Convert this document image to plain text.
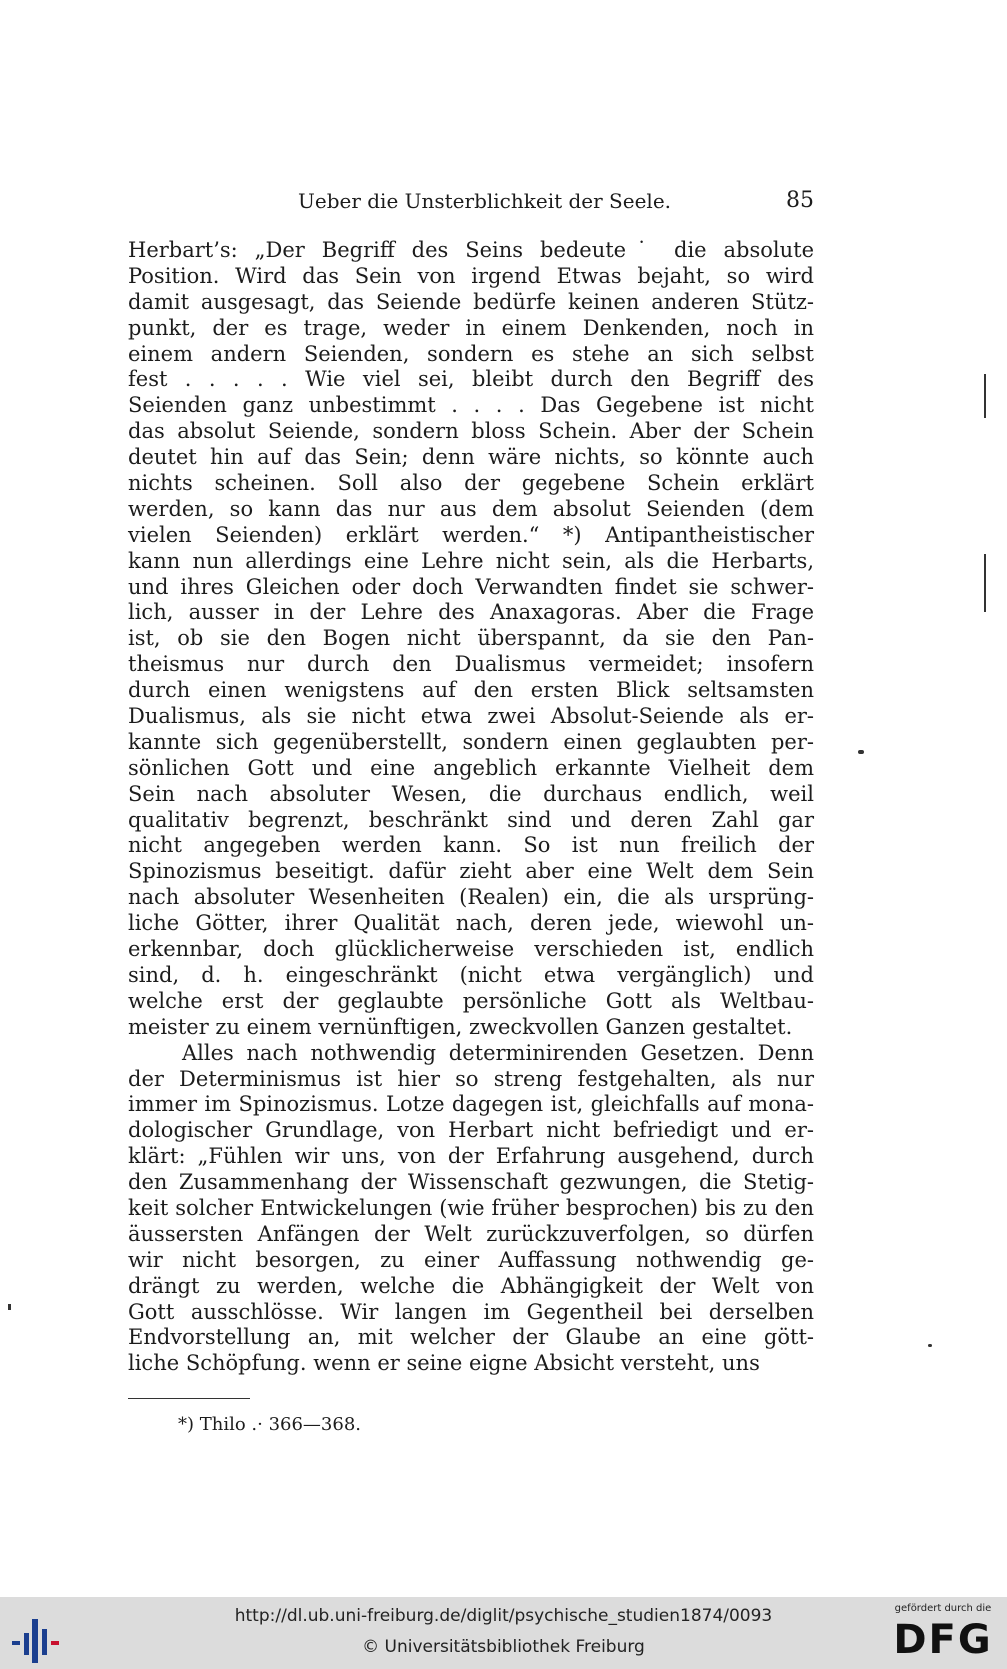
Ueber die Unsterblichkeit der Seele.	85
Herbart’s: „Der Begriff des Seins bedeute˙ die absolute
Position. Wird das Sein von irgend Etwas bejaht, so wird
damit ausgesagt, das Seiende bedürfe keinen anderen Stütz-
punkt, der es trage, weder in einem Denkenden, noch in
einem andern Seienden, sondern es stehe an sich selbst
fest . . . . . Wie viel sei, bleibt durch den Begriff des
Seienden ganz unbestimmt . . . . Das Gegebene ist nicht
das absolut Seiende, sondern bloss Schein. Aber der Schein
deutet hin auf das Sein; denn wäre nichts, so könnte auch
nichts scheinen. Soll also der gegebene Schein erklärt
werden, so kann das nur aus dem absolut Seienden (dem
vielen Seienden) erklärt werden.“ *) Antipantheistischer
kann nun allerdings eine Lehre nicht sein, als die Herbarts,
und ihres Gleichen oder doch Verwandten findet sie schwer-
lich, ausser in der Lehre des Anaxagoras. Aber die Frage
ist, ob sie den Bogen nicht überspannt, da sie den Pan-
theismus nur durch den Dualismus vermeidet; insofern
durch einen wenigstens auf den ersten Blick seltsamsten
Dualismus, als sie nicht etwa zwei Absolut-Seiende als er-
kannte sich gegenüberstellt, sondern einen geglaubten per-
sönlichen Gott und eine angeblich erkannte Vielheit dem
Sein nach absoluter Wesen, die durchaus endlich, weil
qualitativ begrenzt, beschränkt sind und deren Zahl gar
nicht angegeben werden kann. So ist nun freilich der
Spinozismus beseitigt. dafür zieht aber eine Welt dem Sein
nach absoluter Wesenheiten (Realen) ein, die als ursprüng-
liche Götter, ihrer Qualität nach, deren jede, wiewohl un-
erkennbar, doch glücklicherweise verschieden ist, endlich
sind, d. h. eingeschränkt (nicht etwa vergänglich) und
welche erst der geglaubte persönliche Gott als Weltbau-
meister zu einem vernünftigen, zweckvollen Ganzen gestaltet.
Alles nach nothwendig determinirenden Gesetzen. Denn
der Determinismus ist hier so streng festgehalten, als nur
immer im Spinozismus. Lotze dagegen ist, gleichfalls auf mona-
dologischer Grundlage, von Herbart nicht befriedigt und er-
klärt: „Fühlen wir uns, von der Erfahrung ausgehend, durch
den Zusammenhang der Wissenschaft gezwungen, die Stetig-
keit solcher Entwickelungen (wie früher besprochen) bis zu den
äussersten Anfängen der Welt zurückzuverfolgen, so dürfen
wir nicht besorgen, zu einer Auffassung nothwendig ge-
drängt zu werden, welche die Abhängigkeit der Welt von
Gott ausschlösse. Wir langen im Gegentheil bei derselben
Endvorstellung an, mit welcher der Glaube an eine gött-
liche Schöpfung. wenn er seine eigne Absicht versteht, uns
*) Thilo .· 366—368.
http://dl.ub.uni-freiburg.de/diglit/psychische_studien1874/0093
© Universitätsbibliothek Freiburg
gefördert durch die
DFG
